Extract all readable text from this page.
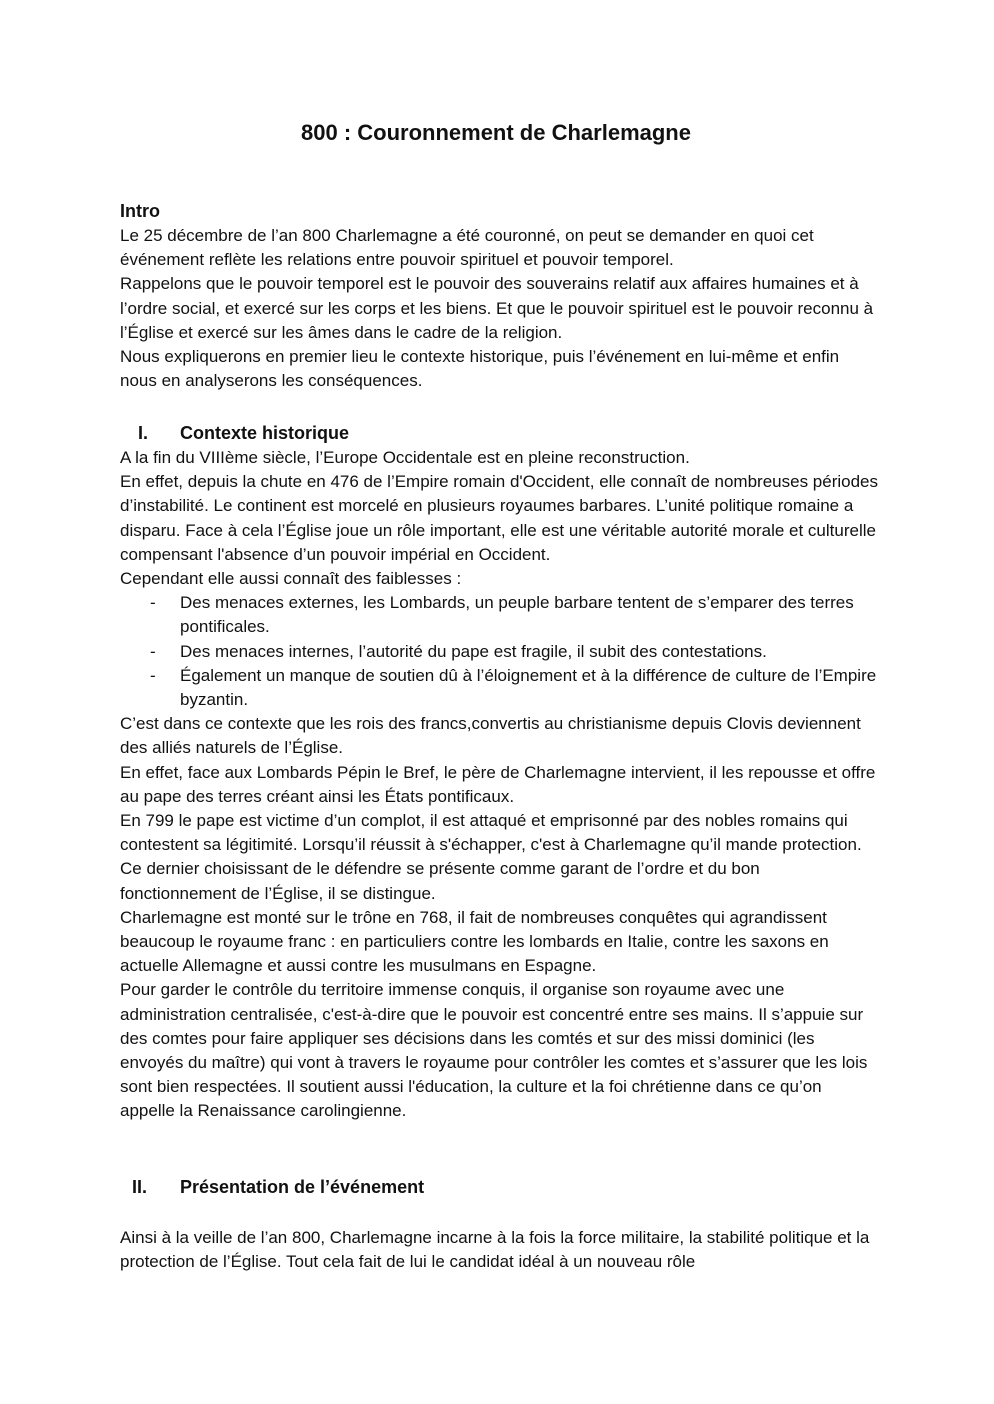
800 : Couronnement de Charlemagne
Intro

Le 25 décembre de l’an 800 Charlemagne a été couronné, on peut se demander en quoi cet événement reflète les relations entre pouvoir spirituel et pouvoir temporel.

Rappelons que le pouvoir temporel est le pouvoir des souverains relatif aux affaires humaines et à l’ordre social, et exercé sur les corps et les biens. Et que le pouvoir spirituel est le pouvoir reconnu à l’Église et exercé sur les âmes dans le cadre de la religion.

Nous expliquerons en premier lieu le contexte historique, puis l’événement en lui-même et enfin nous en analyserons les conséquences.

I. Contexte historique

A la fin du VIIIème siècle, l’Europe Occidentale est en pleine reconstruction.

En effet, depuis la chute en 476 de l’Empire romain d'Occident, elle connaît de nombreuses périodes d’instabilité. Le continent est morcelé en plusieurs royaumes barbares. L’unité politique romaine a disparu. Face à cela l’Église joue un rôle important, elle est une véritable autorité morale et culturelle compensant l'absence d’un pouvoir impérial en Occident.

Cependant elle aussi connaît des faiblesses :

- Des menaces externes, les Lombards, un peuple barbare tentent de s’emparer des terres pontificales.
- Des menaces internes, l’autorité du pape est fragile, il subit des contestations.
- Également un manque de soutien dû à l’éloignement et à la différence de culture de l’Empire byzantin.

C’est dans ce contexte que les rois des francs,convertis au christianisme depuis Clovis deviennent des alliés naturels de l’Église.

En effet, face aux Lombards Pépin le Bref, le père de Charlemagne intervient, il les repousse et offre au pape des terres créant ainsi les États pontificaux.

En 799 le pape est victime d’un complot, il est attaqué et emprisonné par des nobles romains qui contestent sa légitimité. Lorsqu’il réussit à s'échapper, c'est à Charlemagne qu’il mande protection. Ce dernier choisissant de le défendre se présente comme garant de l’ordre et du bon fonctionnement de l’Église, il se distingue.

Charlemagne est monté sur le trône en 768, il fait de nombreuses conquêtes qui agrandissent beaucoup le royaume franc : en particuliers contre les lombards en Italie, contre les saxons en actuelle Allemagne et aussi contre les musulmans en Espagne.

Pour garder le contrôle du territoire immense conquis, il organise son royaume avec une administration centralisée, c'est-à-dire que le pouvoir est concentré entre ses mains. Il s’appuie sur des comtes pour faire appliquer ses décisions dans les comtés et sur des missi dominici (les envoyés du maître) qui vont à travers le royaume pour contrôler les comtes et s’assurer que les lois sont bien respectées. Il soutient aussi l'éducation, la culture et la foi chrétienne dans ce qu’on appelle la Renaissance carolingienne.

II. Présentation de l’événement

Ainsi à la veille de l’an 800, Charlemagne incarne à la fois la force militaire, la stabilité politique et la protection de l’Église. Tout cela fait de lui le candidat idéal à un nouveau rôle
